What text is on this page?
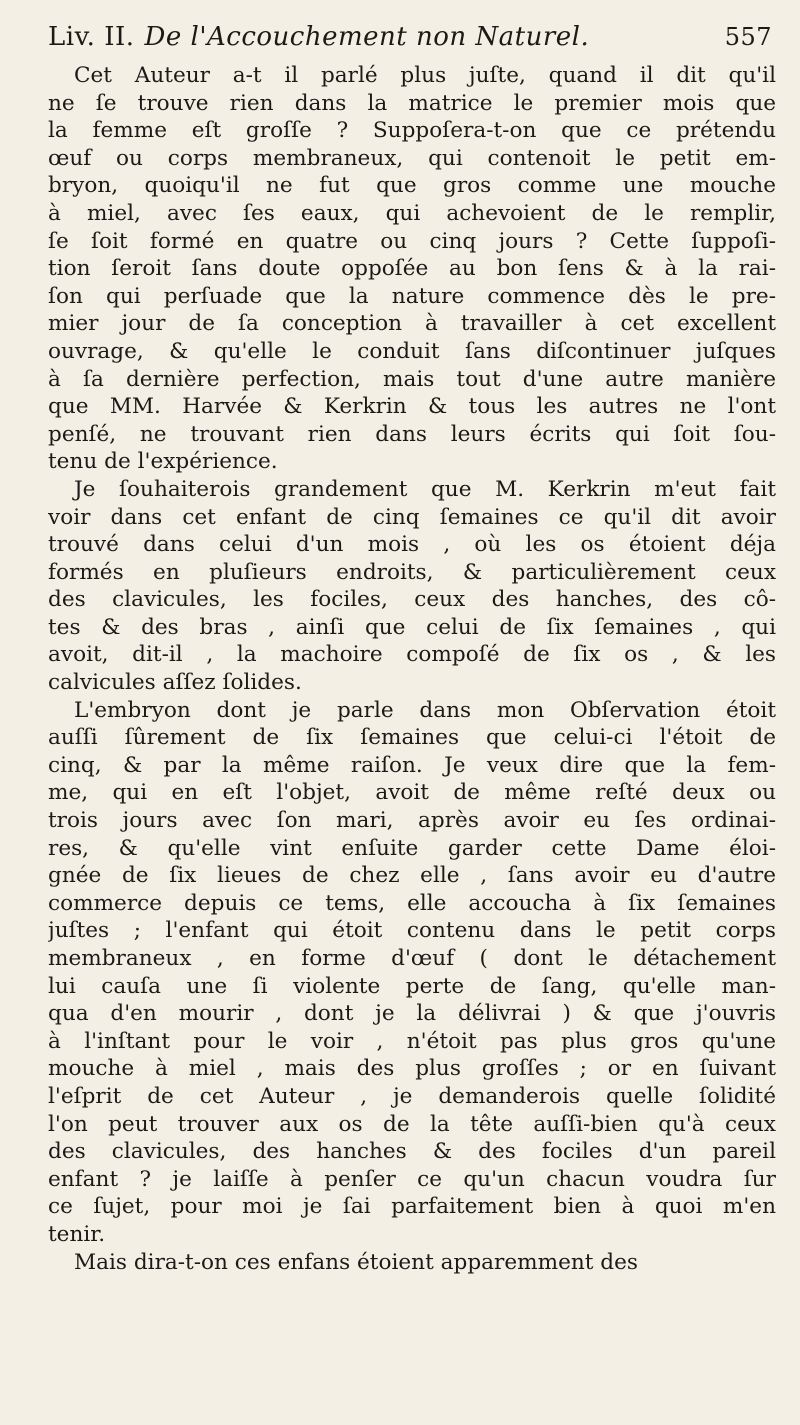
Liv. II. De l'Accouchement non Naturel.	557
Cet Auteur a-t il parlé plus juſte, quand il dit qu'il
ne ſe trouve rien dans la matrice le premier mois que
la femme eſt groſſe ? Suppoſera-t-on que ce prétendu
œuf ou corps membraneux, qui contenoit le petit em-
bryon, quoiqu'il ne fut que gros comme une mouche
à miel, avec ſes eaux, qui achevoient de le remplir,
ſe ſoit formé en quatre ou cinq jours ? Cette ſuppoſi-
tion ſeroit ſans doute oppoſée au bon ſens & à la rai-
ſon qui perſuade que la nature commence dès le pre-
mier jour de ſa conception à travailler à cet excellent
ouvrage, & qu'elle le conduit ſans diſcontinuer juſques
à ſa dernière perfection, mais tout d'une autre manière
que MM. Harvée & Kerkrin & tous les autres ne l'ont
penſé, ne trouvant rien dans leurs écrits qui ſoit ſou-
tenu de l'expérience.
Je ſouhaiterois grandement que M. Kerkrin m'eut fait
voir dans cet enfant de cinq ſemaines ce qu'il dit avoir
trouvé dans celui d'un mois , où les os étoient déja
formés en pluſieurs endroits, & particulièrement ceux
des clavicules, les fociles, ceux des hanches, des cô-
tes & des bras , ainſi que celui de ſix ſemaines , qui
avoit, dit-il , la machoire compoſé de ſix os , & les
calvicules aſſez ſolides.
L'embryon dont je parle dans mon Obſervation étoit
auſſi ſûrement de ſix ſemaines que celui-ci l'étoit de
cinq, & par la même raiſon. Je veux dire que la fem-
me, qui en eſt l'objet, avoit de même reſté deux ou
trois jours avec ſon mari, après avoir eu ſes ordinai-
res, & qu'elle vint enſuite garder cette Dame éloi-
gnée de ſix lieues de chez elle , ſans avoir eu d'autre
commerce depuis ce tems, elle accoucha à ſix ſemaines
juſtes ; l'enfant qui étoit contenu dans le petit corps
membraneux , en forme d'œuf ( dont le détachement
lui cauſa une ſi violente perte de ſang, qu'elle man-
qua d'en mourir , dont je la délivrai ) & que j'ouvris
à l'inſtant pour le voir , n'étoit pas plus gros qu'une
mouche à miel , mais des plus groſſes ; or en ſuivant
l'eſprit de cet Auteur , je demanderois quelle ſolidité
l'on peut trouver aux os de la tête auſſi-bien qu'à ceux
des clavicules, des hanches & des fociles d'un pareil
enfant ? je laiſſe à penſer ce qu'un chacun voudra ſur
ce ſujet, pour moi je ſai parfaitement bien à quoi m'en
tenir.
Mais dira-t-on ces enfans étoient apparemment des
